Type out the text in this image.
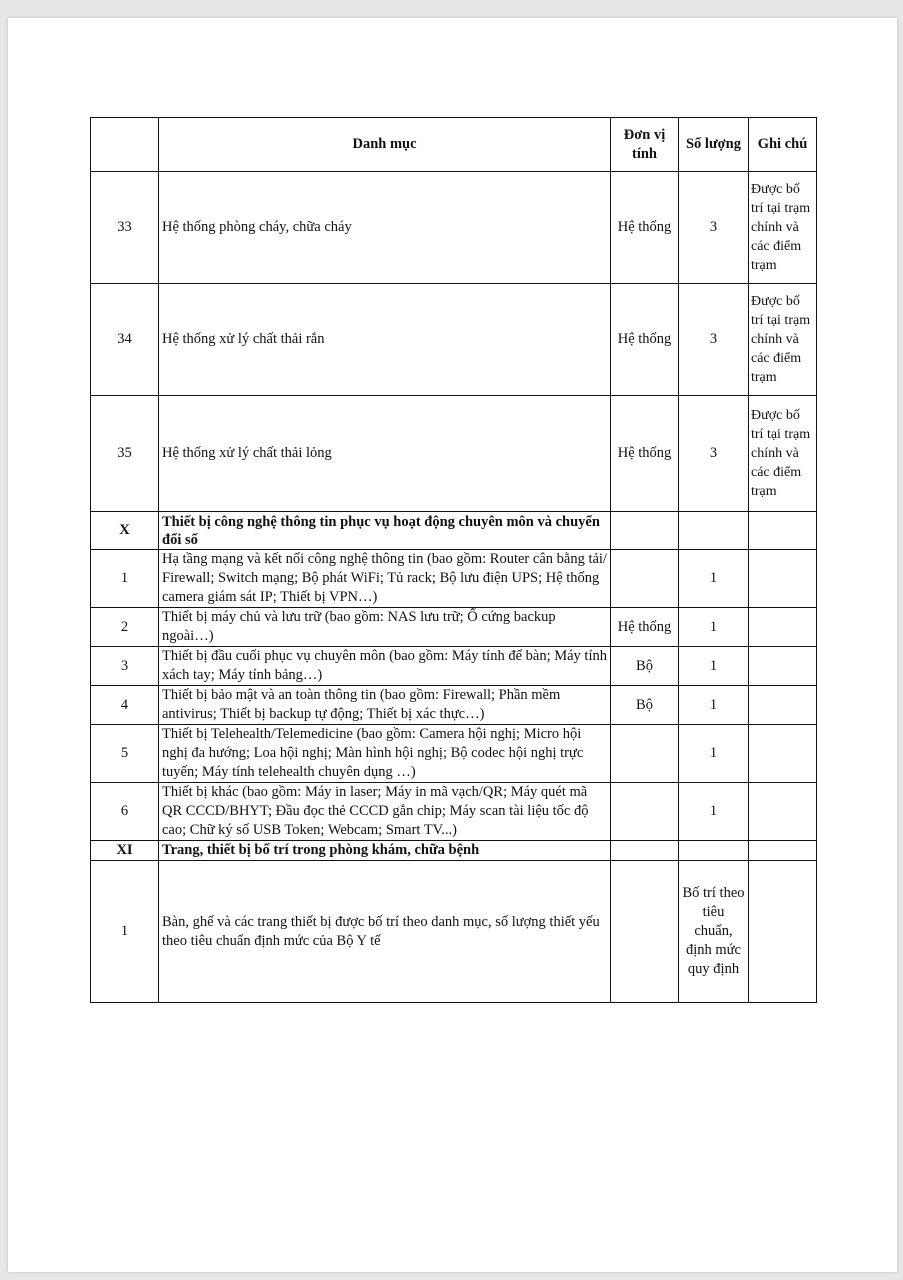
	Danh mục	Đơn vị tính	Số lượng	Ghi chú
33	Hệ thống phòng cháy, chữa cháy	Hệ thống	3	Được bố trí tại trạm chính và các điểm trạm
34	Hệ thống xử lý chất thải rắn	Hệ thống	3	Được bố trí tại trạm chính và các điểm trạm
35	Hệ thống xử lý chất thải lỏng	Hệ thống	3	Được bố trí tại trạm chính và các điểm trạm
X	Thiết bị công nghệ thông tin phục vụ hoạt động chuyên môn và chuyển đổi số			
1	Hạ tầng mạng và kết nối công nghệ thông tin (bao gồm: Router cân bằng tải/ Firewall; Switch mạng; Bộ phát WiFi; Tủ rack; Bộ lưu điện UPS; Hệ thống camera giám sát IP; Thiết bị VPN…)		1	
2	Thiết bị máy chủ và lưu trữ (bao gồm: NAS lưu trữ; Ổ cứng backup ngoài…)	Hệ thống	1	
3	Thiết bị đầu cuối phục vụ chuyên môn (bao gồm: Máy tính để bàn; Máy tính xách tay; Máy tính bảng…)	Bộ	1	
4	Thiết bị bảo mật và an toàn thông tin (bao gồm: Firewall; Phần mềm antivirus; Thiết bị backup tự động; Thiết bị xác thực…)	Bộ	1	
5	Thiết bị Telehealth/Telemedicine (bao gồm: Camera hội nghị; Micro hội nghị đa hướng; Loa hội nghị; Màn hình hội nghị; Bộ codec hội nghị trực tuyến; Máy tính telehealth chuyên dụng …)		1	
6	Thiết bị khác (bao gồm: Máy in laser; Máy in mã vạch/QR; Máy quét mã QR CCCD/BHYT; Đầu đọc thẻ CCCD gắn chip; Máy scan tài liệu tốc độ cao; Chữ ký số USB Token; Webcam; Smart TV...)		1	
XI	Trang, thiết bị bố trí trong phòng khám, chữa bệnh			
1	Bàn, ghế và các trang thiết bị được bố trí theo danh mục, số lượng thiết yếu theo tiêu chuẩn định mức của Bộ Y tế		Bố trí theo tiêu chuẩn, định mức quy định	
